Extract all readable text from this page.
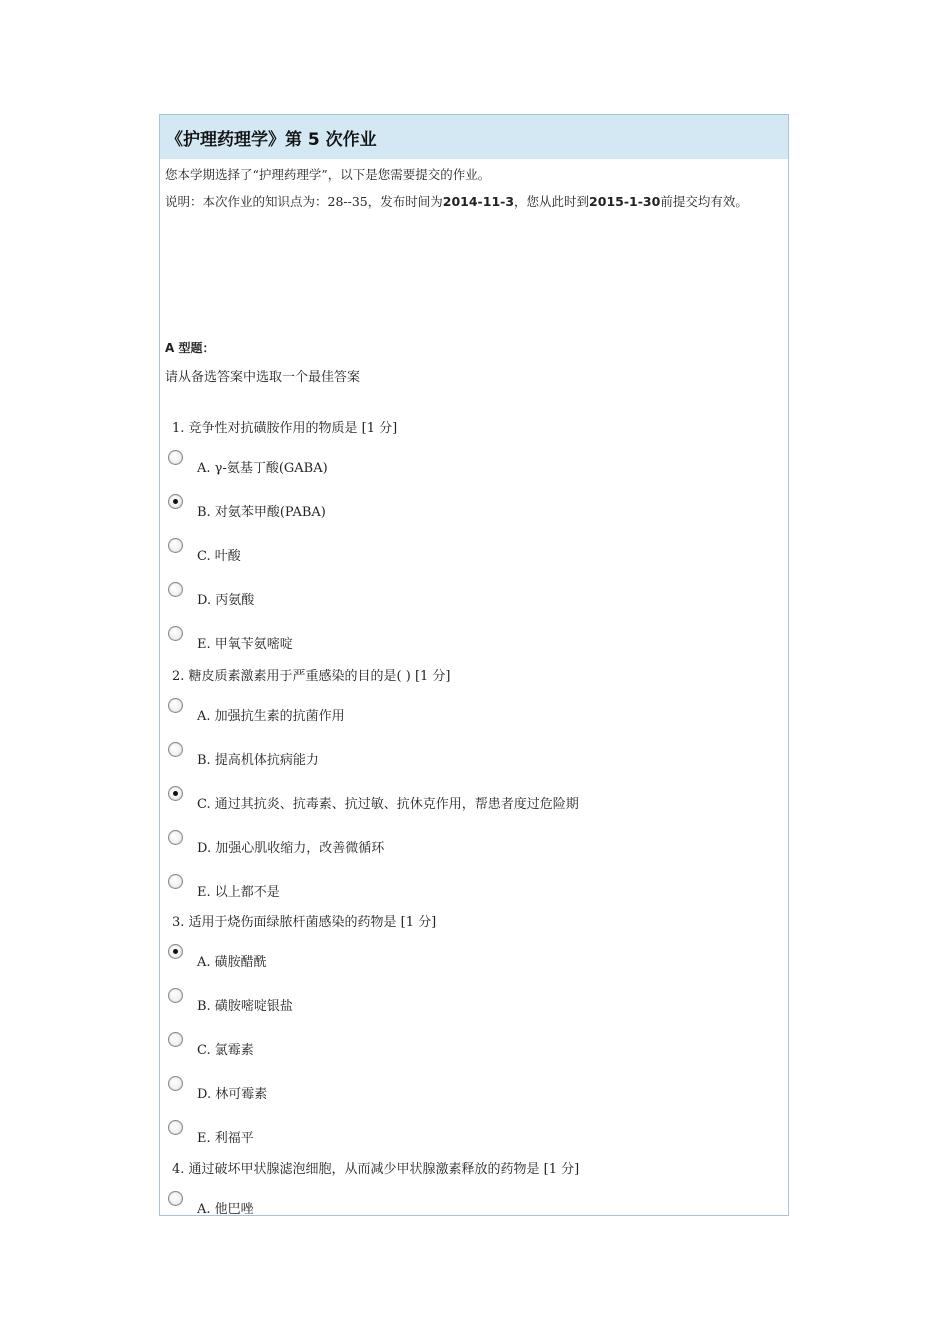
《护理药理学》第 5 次作业
您本学期选择了“护理药理学”，以下是您需要提交的作业。
说明：本次作业的知识点为：28--35，发布时间为2014-11-3，您从此时到2015-1-30前提交均有效。
A 型题：
请从备选答案中选取一个最佳答案
1. 竞争性对抗磺胺作用的物质是 [1 分]
A. γ-氨基丁酸(GABA)
B. 对氨苯甲酸(PABA)
C. 叶酸
D. 丙氨酸
E. 甲氧苄氨嘧啶
2. 糖皮质素激素用于严重感染的目的是( ) [1 分]
A. 加强抗生素的抗菌作用
B. 提高机体抗病能力
C. 通过其抗炎、抗毒素、抗过敏、抗休克作用，帮患者度过危险期
D. 加强心肌收缩力，改善微循环
E. 以上都不是
3. 适用于烧伤面绿脓杆菌感染的药物是 [1 分]
A. 磺胺醋酰
B. 磺胺嘧啶银盐
C. 氯霉素
D. 林可霉素
E. 利福平
4. 通过破坏甲状腺滤泡细胞，从而减少甲状腺激素释放的药物是 [1 分]
A. 他巴唑
